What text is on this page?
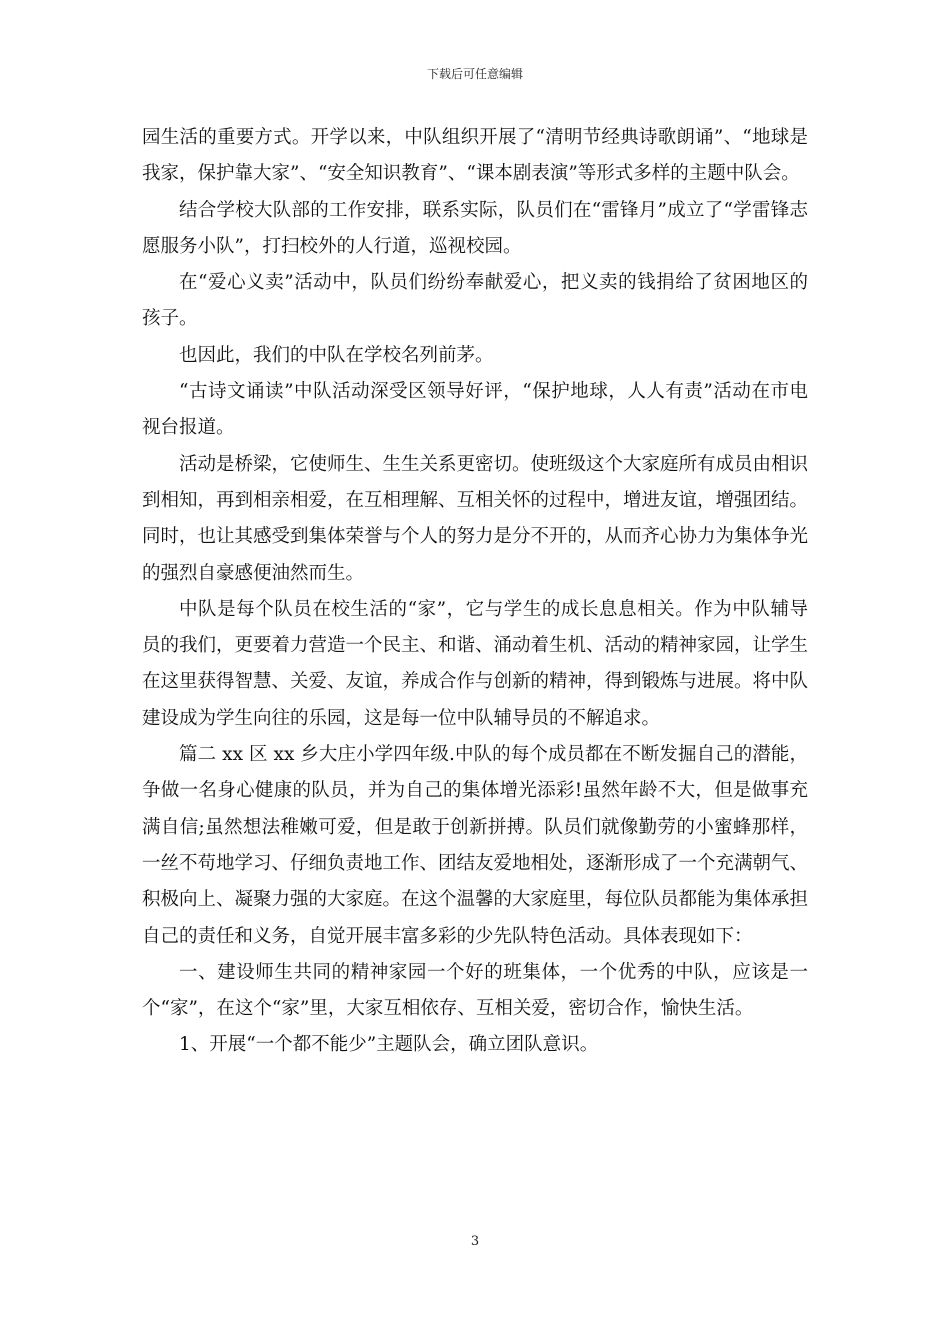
下载后可任意编辑

园生活的重要方式。开学以来，中队组织开展了“清明节经典诗歌朗诵”、“地球是我家，保护靠大家”、“安全知识教育”、“课本剧表演”等形式多样的主题中队会。

结合学校大队部的工作安排，联系实际，队员们在“雷锋月”成立了“学雷锋志愿服务小队”，打扫校外的人行道，巡视校园。

在“爱心义卖”活动中，队员们纷纷奉献爱心，把义卖的钱捐给了贫困地区的孩子。

也因此，我们的中队在学校名列前茅。

“古诗文诵读”中队活动深受区领导好评，“保护地球，人人有责”活动在市电视台报道。

活动是桥梁，它使师生、生生关系更密切。使班级这个大家庭所有成员由相识到相知，再到相亲相爱，在互相理解、互相关怀的过程中，增进友谊，增强团结。同时，也让其感受到集体荣誉与个人的努力是分不开的，从而齐心协力为集体争光的强烈自豪感便油然而生。

中队是每个队员在校生活的“家”，它与学生的成长息息相关。作为中队辅导员的我们，更要着力营造一个民主、和谐、涌动着生机、活动的精神家园，让学生在这里获得智慧、关爱、友谊，养成合作与创新的精神，得到锻炼与进展。将中队建设成为学生向往的乐园，这是每一位中队辅导员的不解追求。

篇二 xx 区 xx 乡大庄小学四年级.中队的每个成员都在不断发掘自己的潜能，争做一名身心健康的队员，并为自己的集体增光添彩!虽然年龄不大，但是做事充满自信;虽然想法稚嫩可爱，但是敢于创新拼搏。队员们就像勤劳的小蜜蜂那样，一丝不苟地学习、仔细负责地工作、团结友爱地相处，逐渐形成了一个充满朝气、积极向上、凝聚力强的大家庭。在这个温馨的大家庭里，每位队员都能为集体承担自己的责任和义务，自觉开展丰富多彩的少先队特色活动。具体表现如下：

一、建设师生共同的精神家园一个好的班集体，一个优秀的中队，应该是一个“家”，在这个“家”里，大家互相依存、互相关爱，密切合作，愉快生活。

1、开展“一个都不能少”主题队会，确立团队意识。

3
